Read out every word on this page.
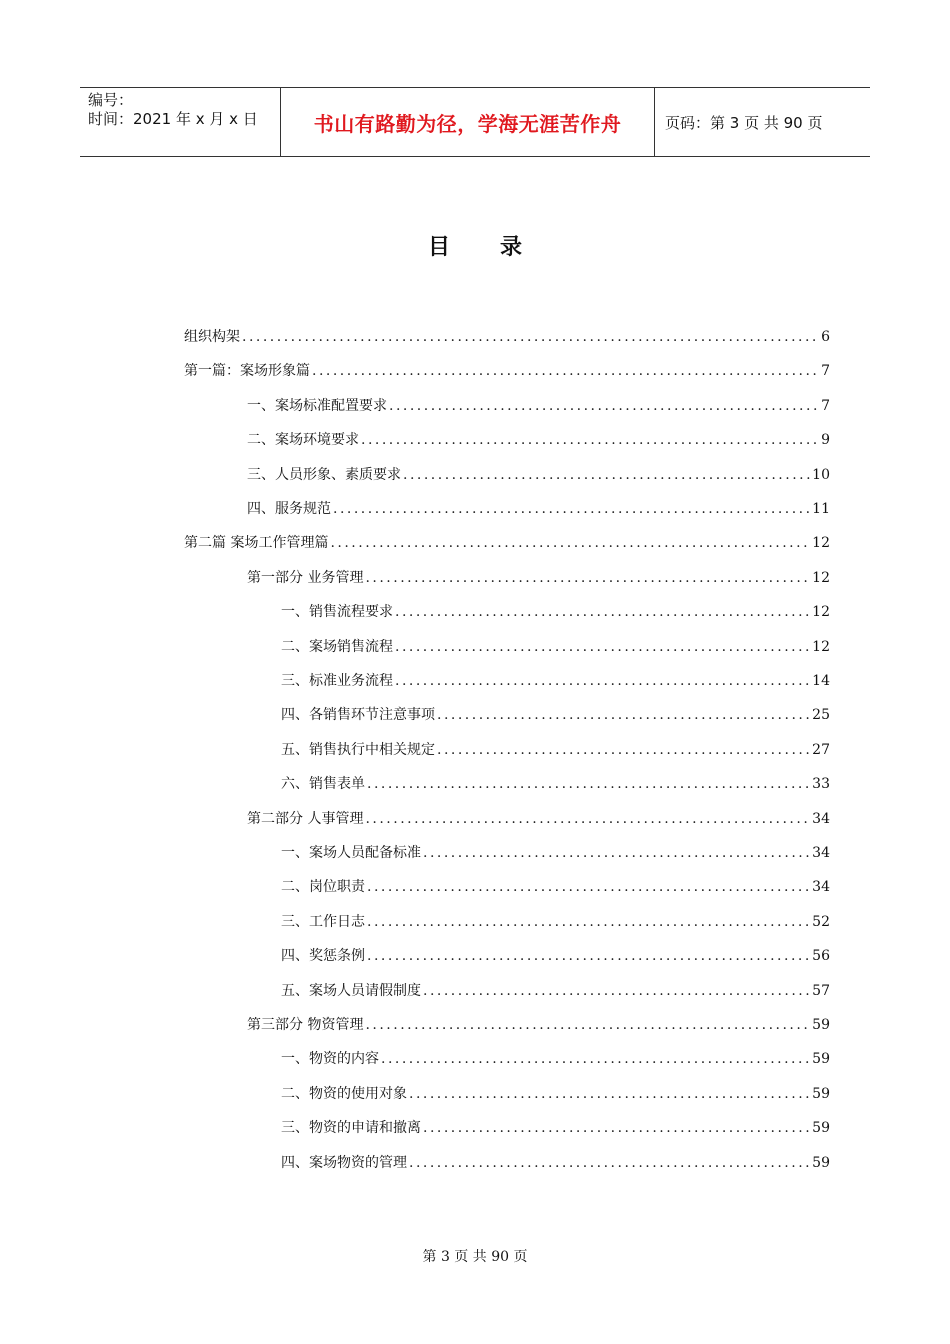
编号：
时间：2021 年 x 月 x 日	书山有路勤为径，学海无涯苦作舟	页码：第 3 页 共 90 页
目 录
组织构架 .....	6
第一篇：案场形象篇 .....	7
一、案场标准配置要求 .....	7
二、案场环境要求 .....	9
三、人员形象、素质要求 .....	10
四、服务规范 .....	11
第二篇 案场工作管理篇 .....	12
第一部分 业务管理 .....	12
一、销售流程要求 .....	12
二、案场销售流程 .....	12
三、标准业务流程 .....	14
四、各销售环节注意事项 .....	25
五、销售执行中相关规定 .....	27
六、销售表单 .....	33
第二部分 人事管理 .....	34
一、案场人员配备标准 .....	34
二、岗位职责 .....	34
三、工作日志 .....	52
四、奖惩条例 .....	56
五、案场人员请假制度 .....	57
第三部分 物资管理 .....	59
一、物资的内容 .....	59
二、物资的使用对象 .....	59
三、物资的申请和撤离 .....	59
四、案场物资的管理 .....	59
第 3 页 共 90 页
